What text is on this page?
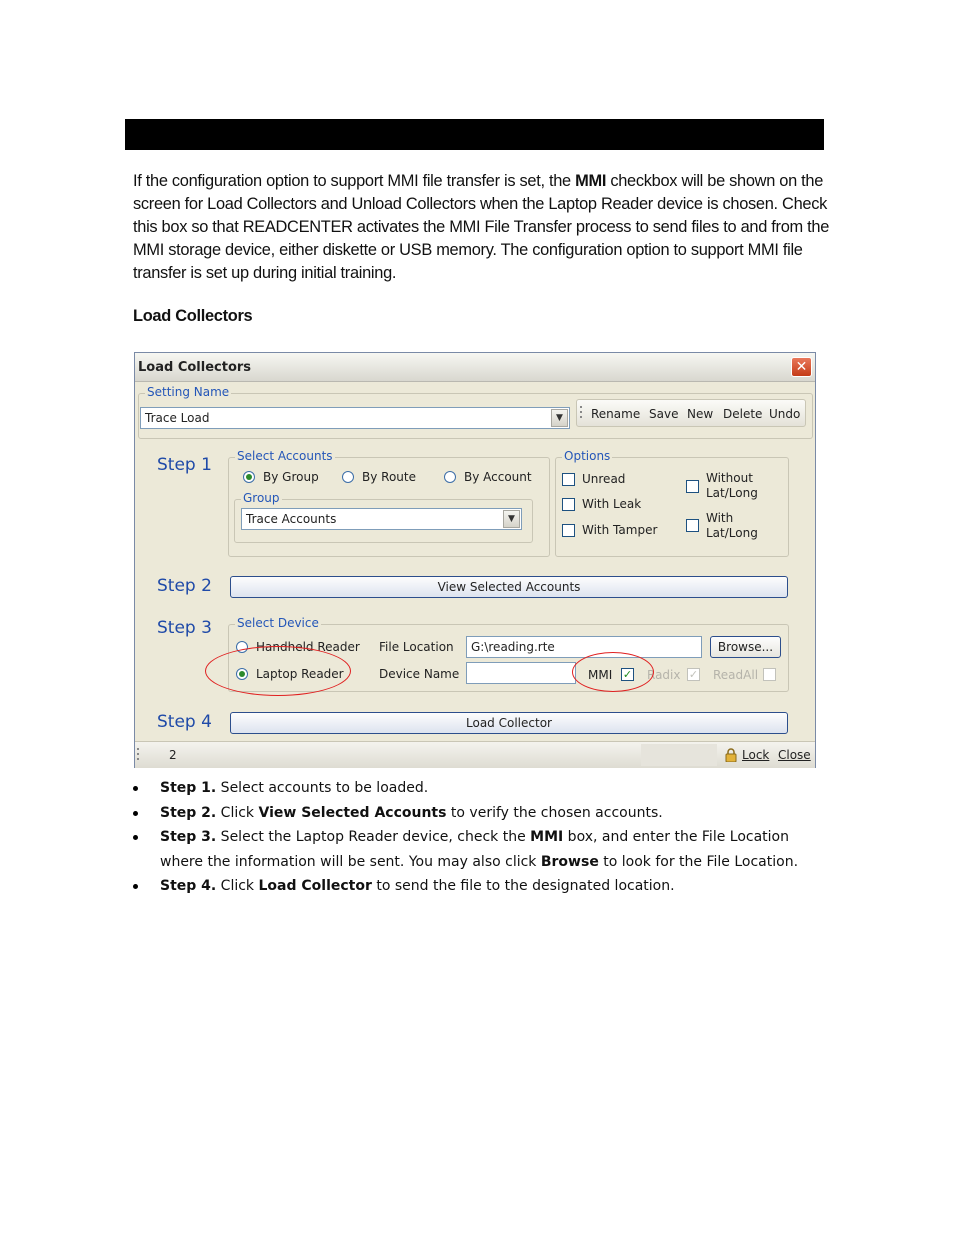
If the configuration option to support MMI file transfer is set, the MMI checkbox will be shown on the screen for Load Collectors and Unload Collectors when the Laptop Reader device is chosen. Check this box so that READCENTER activates the MMI File Transfer process to send files to and from the MMI storage device, either diskette or USB memory. The configuration option to support MMI file transfer is set up during initial training.

Load Collectors
Load Collectors	✕
Setting Name
Trace Load	▼	Rename Save New Delete Undo
Step 1
Step 2
Step 3
Step 4
Select Accounts
By Group	By Route	By Account
Group
Trace Accounts	▼
Options
Unread
With Leak
With Tamper
Without
Lat/Long
With
Lat/Long
View Selected Accounts
Select Device
Handheld Reader
Laptop Reader
File Location	G:\reading.rte	Browse...
Device Name	MMI ✓ Radix ✓ ReadAll
Load Collector
2	Lock Close
Step 1. Select accounts to be loaded.
Step 2. Click View Selected Accounts to verify the chosen accounts.
Step 3. Select the Laptop Reader device, check the MMI box, and enter the File Location where the information will be sent. You may also click Browse to look for the File Location.
Step 4. Click Load Collector to send the file to the designated location.
